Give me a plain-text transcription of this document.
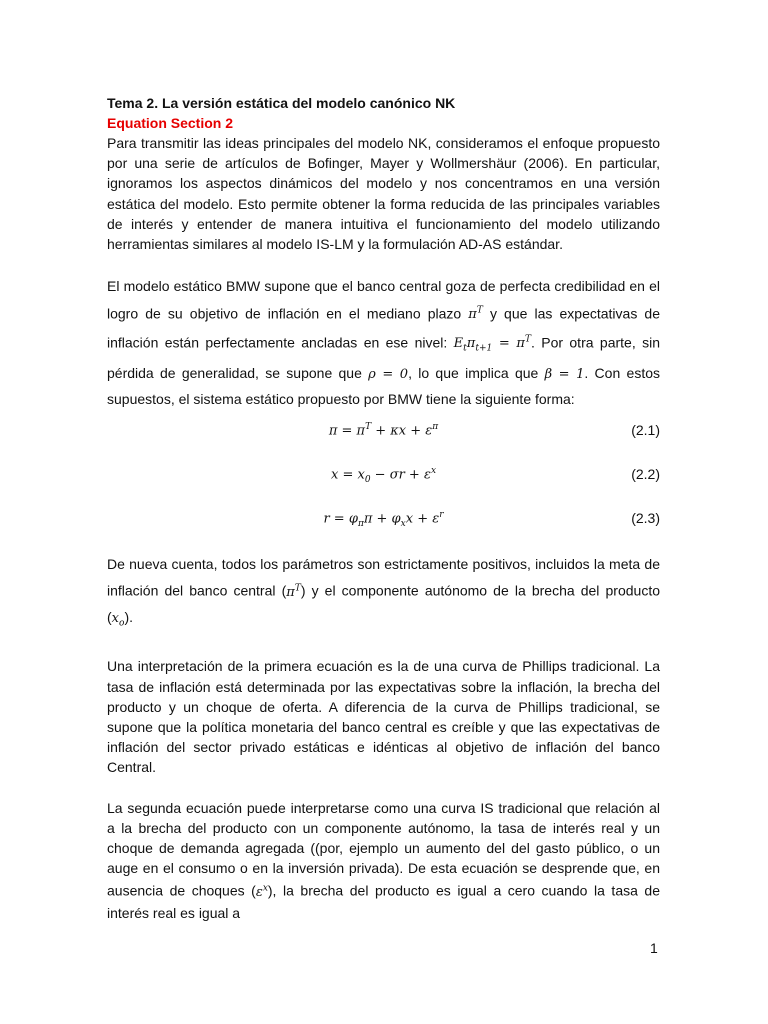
Tema 2. La versión estática del modelo canónico NK
Equation Section 2

Para transmitir las ideas principales del modelo NK, consideramos el enfoque propuesto por una serie de artículos de Bofinger, Mayer y Wollmershäur (2006). En particular, ignoramos los aspectos dinámicos del modelo y nos concentramos en una versión estática del modelo. Esto permite obtener la forma reducida de las principales variables de interés y entender de manera intuitiva el funcionamiento del modelo utilizando herramientas similares al modelo IS-LM y la formulación AD-AS estándar.

El modelo estático BMW supone que el banco central goza de perfecta credibilidad en el logro de su objetivo de inflación en el mediano plazo $\pi^T$ y que las expectativas de inflación están perfectamente ancladas en ese nivel: $E_t\pi_{t+1} = \pi^T$. Por otra parte, sin pérdida de generalidad, se supone que ρ = 0, lo que implica que β = 1. Con estos supuestos, el sistema estático propuesto por BMW tiene la siguiente forma:

$\pi = \pi^T + \kappa x + \varepsilon^\pi$	(2.1)
$x = x_0 - \sigma r + \varepsilon^x$	(2.2)
$r = \varphi_\pi\pi + \varphi_xx + \varepsilon^r$	(2.3)

De nueva cuenta, todos los parámetros son estrictamente positivos, incluidos la meta de inflación del banco central $(\pi^T)$ y el componente autónomo de la brecha del producto $(x_o)$.

Una interpretación de la primera ecuación es la de una curva de Phillips tradicional. La tasa de inflación está determinada por las expectativas sobre la inflación, la brecha del producto y un choque de oferta. A diferencia de la curva de Phillips tradicional, se supone que la política monetaria del banco central es creíble y que las expectativas de inflación del sector privado estáticas e idénticas al objetivo de inflación del banco Central.

La segunda ecuación puede interpretarse como una curva IS tradicional que relación al a la brecha del producto con un componente autónomo, la tasa de interés real y un choque de demanda agregada ((por, ejemplo un aumento del del gasto público, o un auge en el consumo o en la inversión privada). De esta ecuación se desprende que, en ausencia de choques $(\varepsilon^x)$, la brecha del producto es igual a cero cuando la tasa de interés real es igual a

1
